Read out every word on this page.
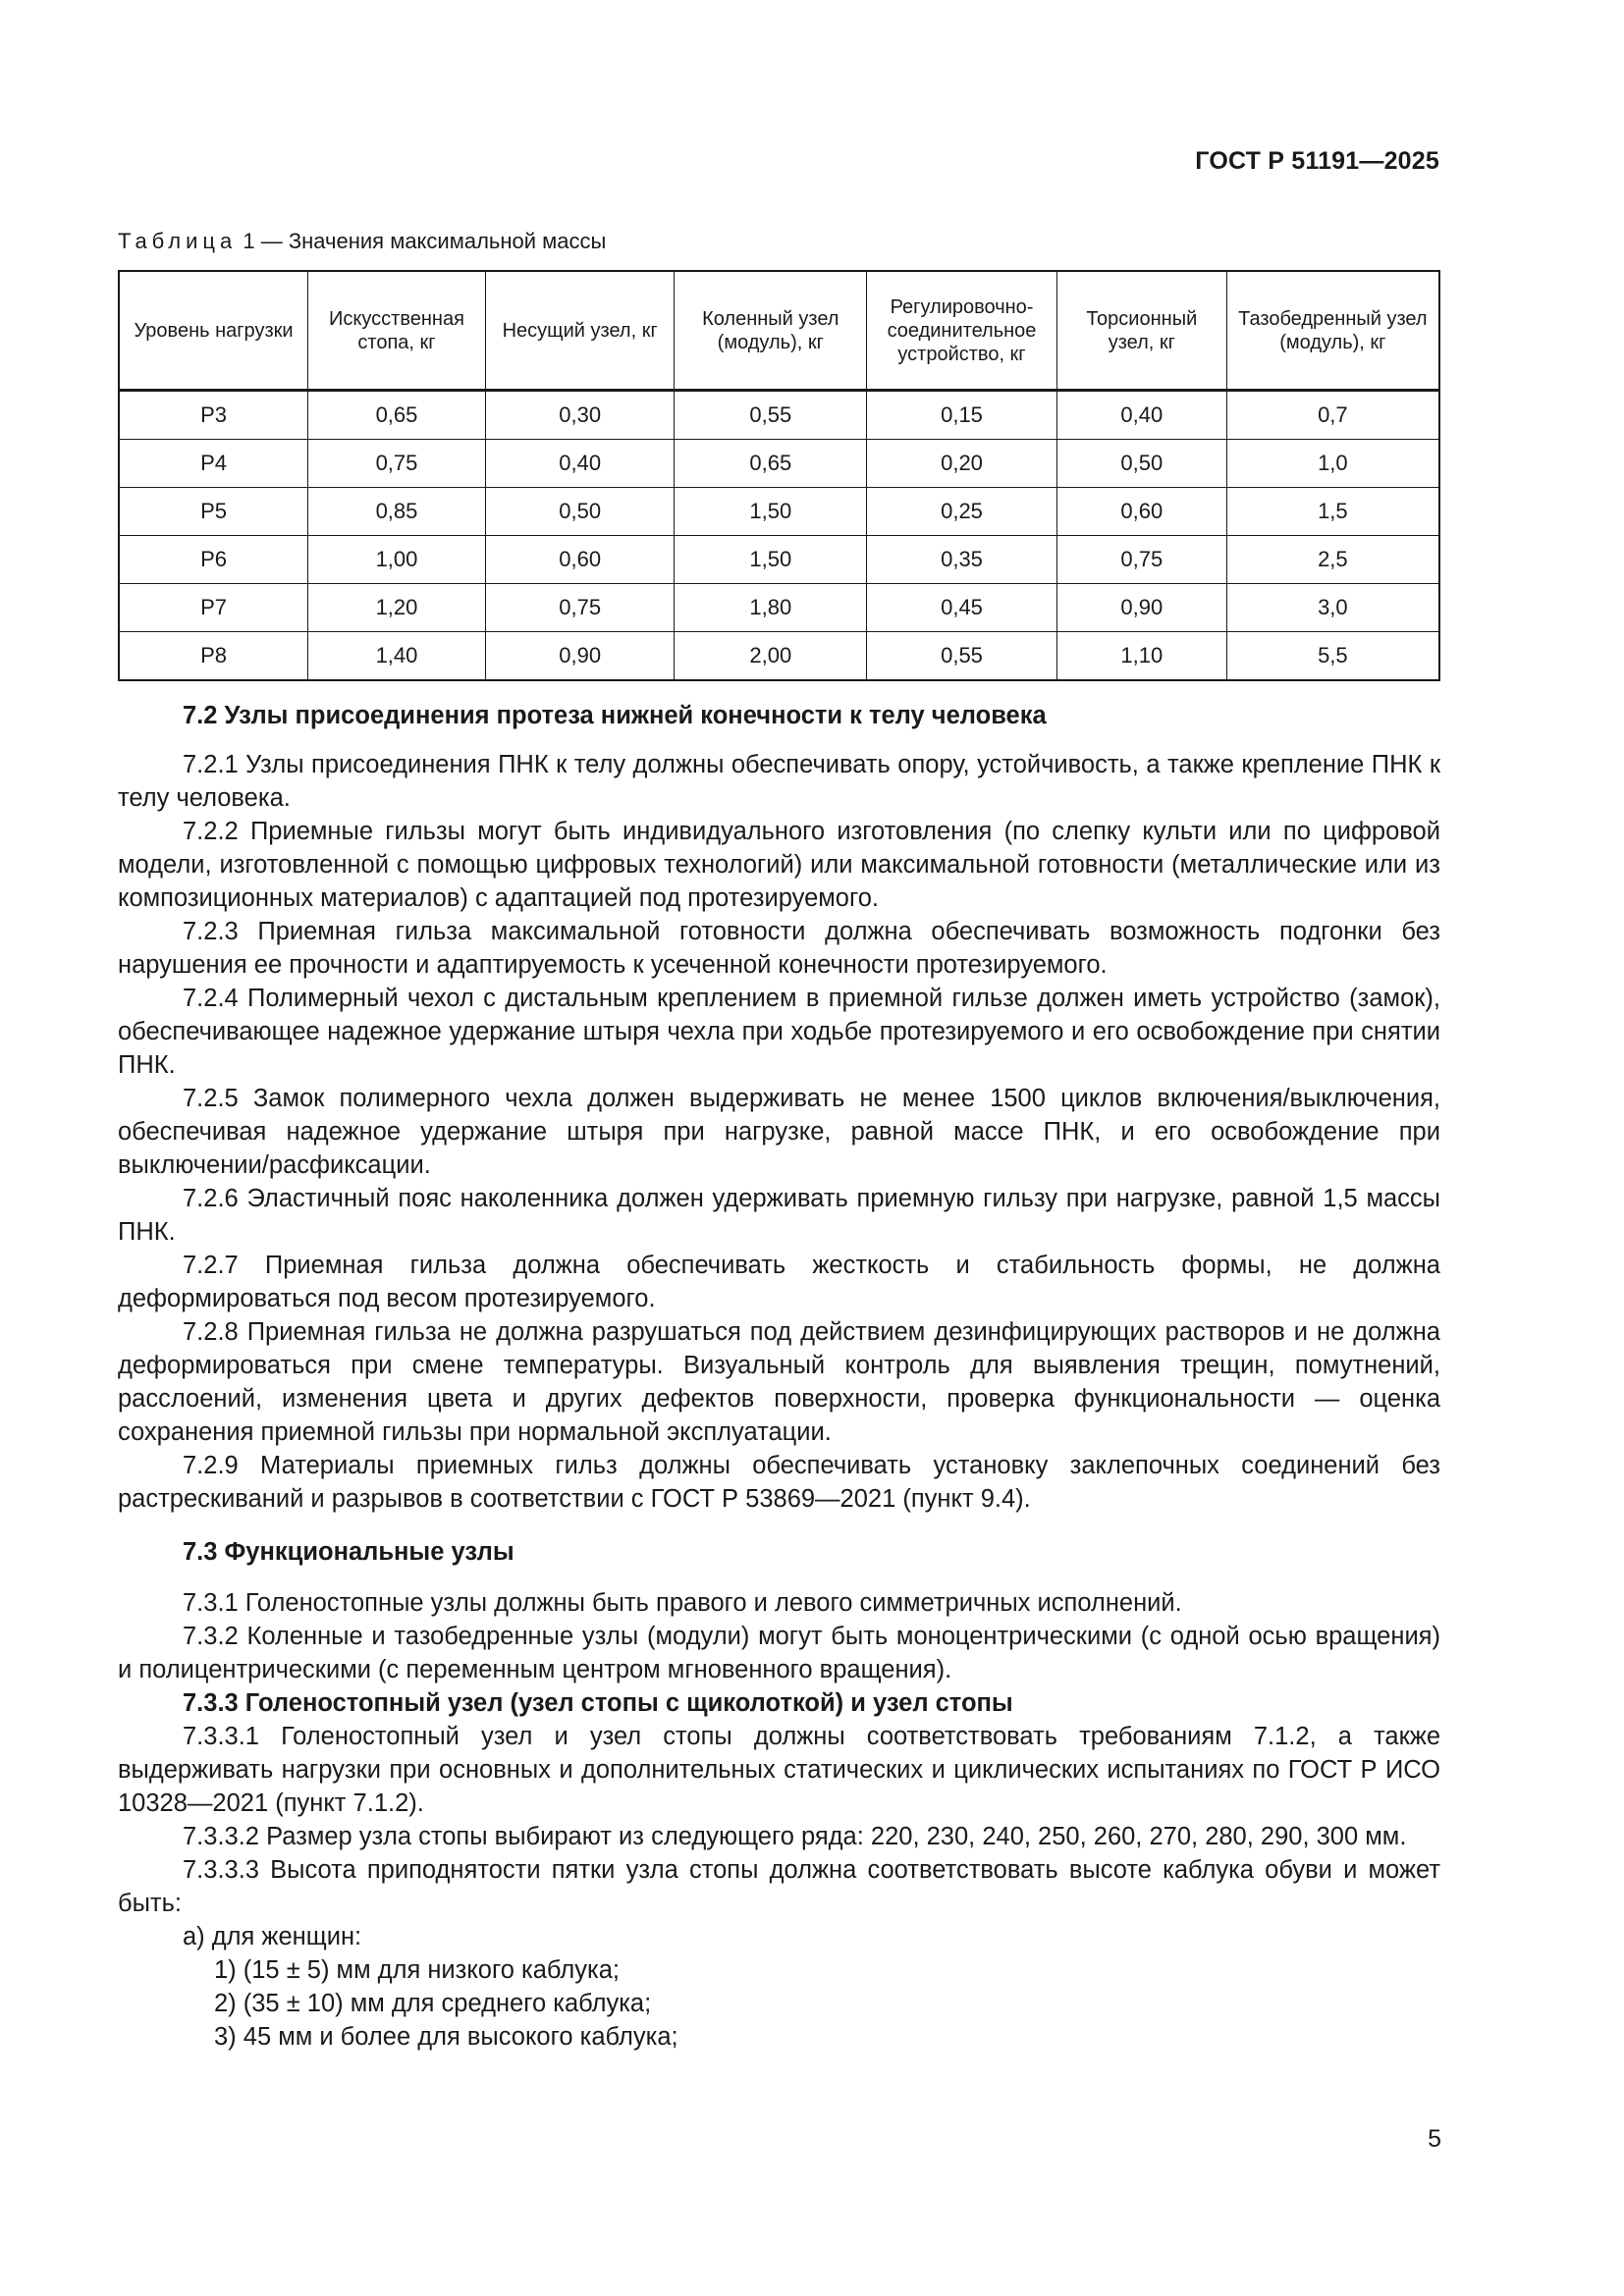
ГОСТ Р 51191—2025
Таблица 1 — Значения максимальной массы
Уровень нагрузки	Искусственная стопа, кг	Несущий узел, кг	Коленный узел (модуль), кг	Регулировочно-соединительное устройство, кг	Торсионный узел, кг	Тазобедренный узел (модуль), кг
P3	0,65	0,30	0,55	0,15	0,40	0,7
P4	0,75	0,40	0,65	0,20	0,50	1,0
P5	0,85	0,50	1,50	0,25	0,60	1,5
P6	1,00	0,60	1,50	0,35	0,75	2,5
P7	1,20	0,75	1,80	0,45	0,90	3,0
P8	1,40	0,90	2,00	0,55	1,10	5,5

7.2 Узлы присоединения протеза нижней конечности к телу человека

7.2.1 Узлы присоединения ПНК к телу должны обеспечивать опору, устойчивость, а также крепление ПНК к телу человека.

7.2.2 Приемные гильзы могут быть индивидуального изготовления (по слепку культи или по цифровой модели, изготовленной с помощью цифровых технологий) или максимальной готовности (металлические или из композиционных материалов) с адаптацией под протезируемого.

7.2.3 Приемная гильза максимальной готовности должна обеспечивать возможность подгонки без нарушения ее прочности и адаптируемость к усеченной конечности протезируемого.

7.2.4 Полимерный чехол с дистальным креплением в приемной гильзе должен иметь устройство (замок), обеспечивающее надежное удержание штыря чехла при ходьбе протезируемого и его освобождение при снятии ПНК.

7.2.5 Замок полимерного чехла должен выдерживать не менее 1500 циклов включения/выключения, обеспечивая надежное удержание штыря при нагрузке, равной массе ПНК, и его освобождение при выключении/расфиксации.

7.2.6 Эластичный пояс наколенника должен удерживать приемную гильзу при нагрузке, равной 1,5 массы ПНК.

7.2.7 Приемная гильза должна обеспечивать жесткость и стабильность формы, не должна деформироваться под весом протезируемого.

7.2.8 Приемная гильза не должна разрушаться под действием дезинфицирующих растворов и не должна деформироваться при смене температуры. Визуальный контроль для выявления трещин, помутнений, расслоений, изменения цвета и других дефектов поверхности, проверка функциональности — оценка сохранения приемной гильзы при нормальной эксплуатации.

7.2.9 Материалы приемных гильз должны обеспечивать установку заклепочных соединений без растрескиваний и разрывов в соответствии с ГОСТ Р 53869—2021 (пункт 9.4).

7.3 Функциональные узлы

7.3.1 Голеностопные узлы должны быть правого и левого симметричных исполнений.

7.3.2 Коленные и тазобедренные узлы (модули) могут быть моноцентрическими (с одной осью вращения) и полицентрическими (с переменным центром мгновенного вращения).

7.3.3 Голеностопный узел (узел стопы с щиколоткой) и узел стопы

7.3.3.1 Голеностопный узел и узел стопы должны соответствовать требованиям 7.1.2, а также выдерживать нагрузки при основных и дополнительных статических и циклических испытаниях по ГОСТ Р ИСО 10328—2021 (пункт 7.1.2).

7.3.3.2 Размер узла стопы выбирают из следующего ряда: 220, 230, 240, 250, 260, 270, 280, 290, 300 мм.

7.3.3.3 Высота приподнятости пятки узла стопы должна соответствовать высоте каблука обуви и может быть:

а) для женщин:

1) (15 ± 5) мм для низкого каблука;

2) (35 ± 10) мм для среднего каблука;

3) 45 мм и более для высокого каблука;

5
